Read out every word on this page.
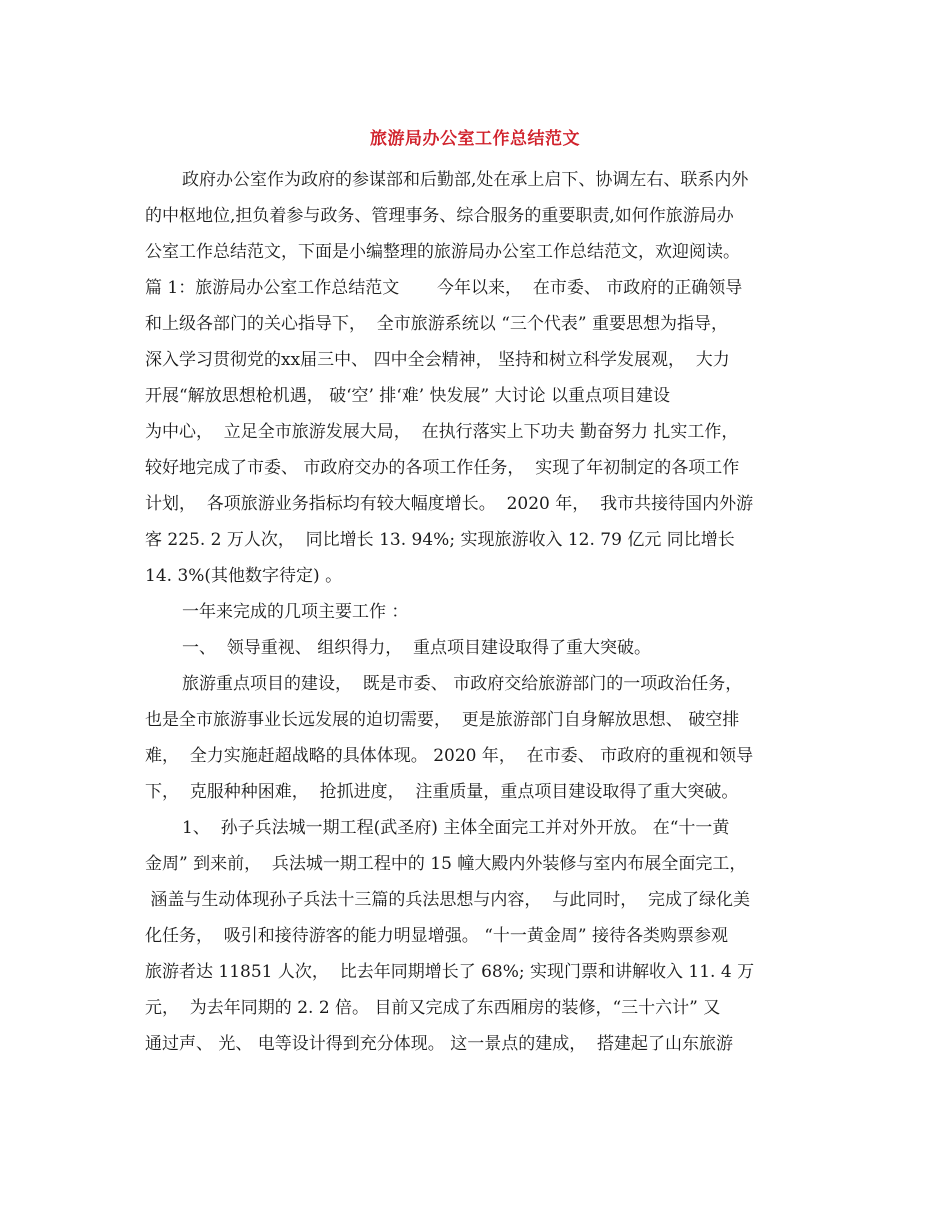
旅游局办公室工作总结范文
政府办公室作为政府的参谋部和后勤部,处在承上启下、协调左右、联系内外
的中枢地位,担负着参与政务、管理事务、综合服务的重要职责,如何作旅游局办
公室工作总结范文，下面是小编整理的旅游局办公室工作总结范文，欢迎阅读。
篇 1：旅游局办公室工作总结范文       今年以来，  在市委、 市政府的正确领导
和上级各部门的关心指导下，  全市旅游系统以 “三个代表” 重要思想为指导，
深入学习贯彻党的xx届三中、 四中全会精神， 坚持和树立科学发展观，  大力
开展“解放思想枪机遇， 破‘空’ 排‘难’ 快发展” 大讨论 以重点项目建设
为中心，  立足全市旅游发展大局，  在执行落实上下功夫 勤奋努力 扎实工作，
较好地完成了市委、 市政府交办的各项工作任务，  实现了年初制定的各项工作
计划，  各项旅游业务指标均有较大幅度增长。  2020 年，  我市共接待国内外游
客 225. 2 万人次，  同比增长 13. 94%; 实现旅游收入 12. 79 亿元 同比增长
14. 3%(其他数字待定) 。
一年来完成的几项主要工作 ：
一、  领导重视、 组织得力，  重点项目建设取得了重大突破。
旅游重点项目的建设，  既是市委、 市政府交给旅游部门的一项政治任务，
也是全市旅游事业长远发展的迫切需要，  更是旅游部门自身解放思想、 破空排
难，  全力实施赶超战略的具体体现。 2020 年，  在市委、 市政府的重视和领导
下，  克服种种困难，  抢抓进度，  注重质量，重点项目建设取得了重大突破。
1、  孙子兵法城一期工程(武圣府) 主体全面完工并对外开放。 在“十一黄
金周” 到来前，  兵法城一期工程中的 15 幢大殿内外装修与室内布展全面完工，
涵盖与生动体现孙子兵法十三篇的兵法思想与内容，  与此同时，  完成了绿化美
化任务，  吸引和接待游客的能力明显增强。 “十一黄金周” 接待各类购票参观
旅游者达 11851 人次，  比去年同期增长了 68%; 实现门票和讲解收入 11. 4 万
元，  为去年同期的 2. 2 倍。 目前又完成了东西厢房的装修，“三十六计” 又
通过声、 光、 电等设计得到充分体现。 这一景点的建成，  搭建起了山东旅游
